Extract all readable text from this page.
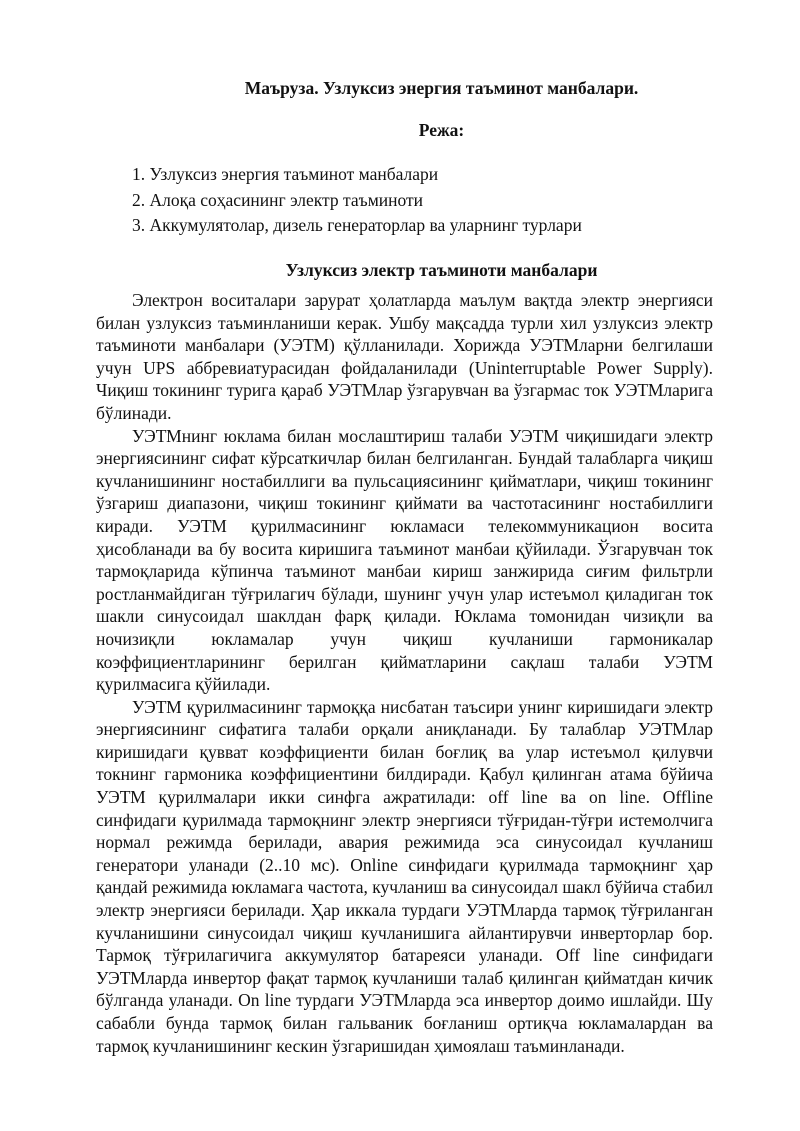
Маъруза. Узлуксиз энергия таъминот манбалари.
Режа:
1. Узлуксиз энергия таъминот манбалари
2. Алоқа соҳасининг электр таъминоти
3. Аккумулятолар, дизель генераторлар ва уларнинг турлари
Узлуксиз электр таъминоти манбалари

Электрон воситалари зарурат ҳолатларда маълум вақтда электр энергияси билан узлуксиз таъминланиши керак. Ушбу мақсадда турли хил узлуксиз электр таъминоти манбалари (УЭТМ) қўлланилади. Хорижда УЭТМларни белгилаши учун UPS аббревиатурасидан фойдаланилади (Uninterruptable Power Supply). Чиқиш токининг турига қараб УЭТМлар ўзгарувчан ва ўзгармас ток УЭТМларига бўлинади.

УЭТМнинг юклама билан мослаштириш талаби УЭТМ чиқишидаги электр энергиясининг сифат кўрсаткичлар билан белгиланган. Бундай талабларга чиқиш кучланишининг ностабиллиги ва пульсациясининг қийматлари, чиқиш токининг ўзгариш диапазони, чиқиш токининг қиймати ва частотасининг ностабиллиги киради. УЭТМ қурилмасининг юкламаси телекоммуникацион восита ҳисобланади ва бу восита киришига таъминот манбаи қўйилади. Ўзгарувчан ток тармоқларида кўпинча таъминот манбаи кириш занжирида сиғим фильтрли ростланмайдиган тўғрилагич бўлади, шунинг учун улар истеъмол қиладиган ток шакли синусоидал шаклдан фарқ қилади. Юклама томонидан чизиқли ва ночизиқли юкламалар учун чиқиш кучланиши гармоникалар коэффициентларининг берилган қийматларини сақлаш талаби УЭТМ қурилмасига қўйилади.

УЭТМ қурилмасининг тармоққа нисбатан таъсири унинг киришидаги электр энергиясининг сифатига талаби орқали аниқланади. Бу талаблар УЭТМлар киришидаги қувват коэффициенти билан боғлиқ ва улар истеъмол қилувчи токнинг гармоника коэффициентини билдиради. Қабул қилинган атама бўйича УЭТМ қурилмалари икки синфга ажратилади: off line ва on line. Offline синфидаги қурилмада тармоқнинг электр энергияси тўғридан-тўғри истемолчига нормал режимда берилади, авария режимида эса синусоидал кучланиш генератори уланади (2..10 мс). Online синфидаги қурилмада тармоқнинг ҳар қандай режимида юкламага частота, кучланиш ва синусоидал шакл бўйича стабил электр энергияси берилади. Ҳар иккала турдаги УЭТМларда тармоқ тўғриланган кучланишини синусоидал чиқиш кучланишига айлантирувчи инверторлар бор. Тармоқ тўғрилагичига аккумулятор батареяси уланади. Off line синфидаги УЭТМларда инвертор фақат тармоқ кучланиши талаб қилинган қийматдан кичик бўлганда уланади. On line турдаги УЭТМларда эса инвертор доимо ишлайди. Шу сабабли бунда тармоқ билан гальваник боғланиш ортиқча юкламалардан ва тармоқ кучланишининг кескин ўзгаришидан ҳимоялаш таъминланади.
